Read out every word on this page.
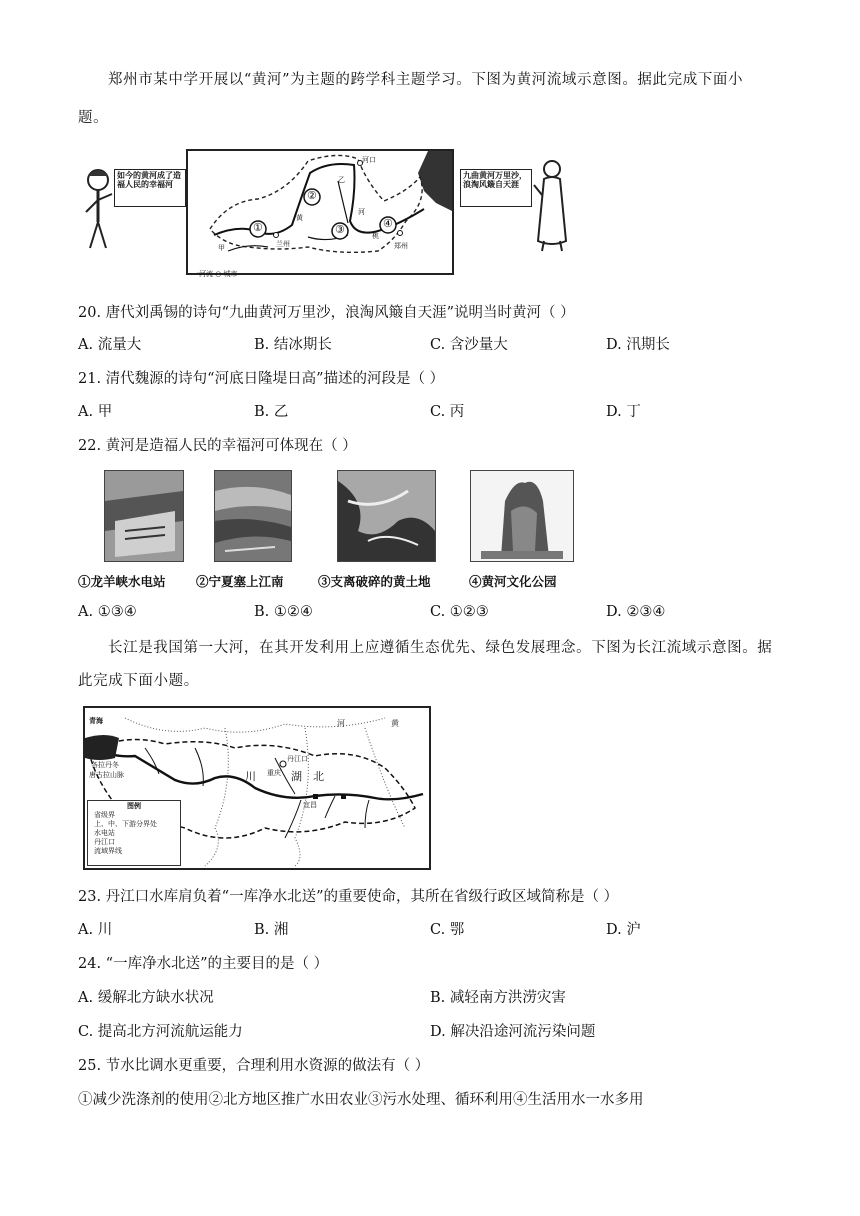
郑州市某中学开展以“黄河”为主题的跨学科主题学习。下图为黄河流域示意图。据此完成下面小
题。
如今的黄河成了造福人民的幸福河
①
②
③	④
河口
兰州	郑州
黄
河
乙
甲
桃
一河流 ○ 城市
九曲黄河万里沙，浪淘风簸自天涯
20. 唐代刘禹锡的诗句“九曲黄河万里沙，浪淘风簸自天涯”说明当时黄河（ ）
A. 流量大	B. 结冰期长	C. 含沙量大	D. 汛期长
21. 清代魏源的诗句“河底日隆堤日高”描述的河段是（ ）
A. 甲	B. 乙	C. 丙	D. 丁
22. 黄河是造福人民的幸福河可体现在（ ）
①龙羊峡水电站 ②宁夏塞上江南	③支离破碎的黄土地	④黄河文化公园
A. ①③④	B. ①②④	C. ①②③	D. ②③④
长江是我国第一大河，在其开发利用上应遵循生态优先、绿色发展理念。下图为长江流域示意图。据
此完成下面小题。
青海
各拉丹冬
唐古拉山脉
河	黄
川 重庆 湖 北
丹江口
宜昌
图例
省级界
上、中、下游分界处
水电站
丹江口
流域界线
23. 丹江口水库肩负着“一库净水北送”的重要使命，其所在省级行政区域简称是（ ）
A. 川	B. 湘	C. 鄂	D. 沪
24. “一库净水北送”的主要目的是（ ）
A. 缓解北方缺水状况	B. 减轻南方洪涝灾害
C. 提高北方河流航运能力	D. 解决沿途河流污染问题
25. 节水比调水更重要，合理利用水资源的做法有（ ）
①减少洗涤剂的使用②北方地区推广水田农业③污水处理、循环利用④生活用水一水多用
